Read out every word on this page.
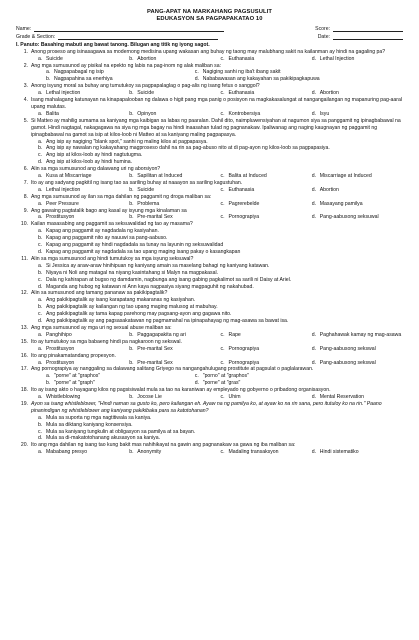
PANG-APAT NA MARKAHANG PAGSUSULIT
EDUKASYON SA PAGPAPAKATAO 10
Name:	Score:
Grade & Section:	Date:
I. Panuto: Basahing mabuti ang bawat tanong. Bilugan ang titik ng iyong sagot.
1. Anong proseso ang isinasagawa sa modernong medisina upang wakasan ang buhay ng taong may malubhang sakit na kailanman ay hindi na gagaling pa?
a. Suicide	b. Abortion	c. Euthanasia	d. Lethal Injection
2. Ang mga sumusunod ay pisikal na epekto ng labis na pag-inom ng alak maliban sa:
a. Nagpapabagal ng isip	c. Nagiging sanhi ng iba't ibang sakit
b. Nagpapahina sa enerhiya	d. Nababawasan ang kakayahan sa pakikipagkapuwa
3. Anong isyung moral sa buhay ang tumutukoy sa pagpapalaglag o pag-alis ng isang fetus o sanggol?
a. Lethal injection	b. Suicide	c. Euthanasia	d. Abortion
4. Isang mahalagang katunayan na kinapapalooban ng dalawa o higit pang mga panig o posisyon na magkakasalungat at nangangailangan ng mapanuring pag-aaral upang malutas.
a. Balita	b. Opinyon	c. Kontrobersiya	d. Isyu
5. Si Matteo ay mahilig sumama sa kaniyang mga kaibigan sa labas ng paaralan. Dahil dito, naimpluwensiyahan at nagumon siya sa panggamit ng ipinagbabawal na gamot. Hindi nagtagal, nakagagawa na siya ng mga bagay na hindi inaasahan tulad ng pagnanakaw. Ipaliwanag ang naging kaugnayan ng paggamit ng ipinagbabawal na gamot sa isip at kilos-loob ni Matteo at sa kaniyang maling pagpapasya.
a. Ang isip ay nagiging "blank spot," sanhi ng maling kilos at pagpapasya.
b. Ang isip ay nawalan ng kakayahang magproseso dahil na rin sa pag-abuso nito at di pag-ayon ng kilos-loob sa pagpapasiya.
c. Ang isip at kilos-loob ay hindi nagtutugma.
d. Ang isip at kilos-loob ay hindi humina.
6. Alin sa mga sumusunod ang dalawang uri ng aborsiyon?
a. Kusa at Miscarriage	b. Sapilitan at Induced	c. Balita at Induced	d. Miscarriage at Induced
7. Ito ay ang sadyang pagkitil ng isang tao sa sariling buhay at naaayon sa sariling kagustuhan.
a. Lethal injection	b. Suicide	c. Euthanasia	d. Abortion
8. Ang mga sumusunod ay ilan sa mga dahilan ng paggamit ng droga maliban sa:
a. Peer Pressure	b. Problema	c. Pagrerebelde	d. Masayang pamilya
9. Ang gawaing pagtatalik bago ang kasal ay isyung mga kinalaman sa
a. Prostitusyon	b. Pre-marital Sex	c. Pornograpiya	d. Pang-aabusong seksuwal
10. Kailan masasabing ang paggamit sa seksuwalidad ng tao ay masama?
a. Kapag ang paggamit ay nagdadala ng kasiyahan.
b. Kapag ang paggamit nito ay nauuwi sa pang-aabuso.
c. Kapag ang paggamit ay hindi nagdadala sa tunay na layunin ng seksuwalidad
d. Kapag ang paggamit ay nagdadala sa tao upang maging isang pakay o kasangkapan
11. Alin sa mga sumusunod ang hindi tumutukoy sa mga isyung seksuwal?
a. Si Jessica ay araw-araw hinihipuan ng kaniyang amain sa maselang bahagi ng kaniyang katawan.
b. Niyaya ni Noli ang matagal na niyang kasintahang si Malyn na magpakasal.
c. Dala ng kahirapan at bugso ng damdamin, nagbunga ang isang gabing pagkalimot sa sarili ni Daisy at Ariel.
d. Maganda ang hubog ng katawan ni Ann kaya nagpasiya siyang magpaguhit ng nakahubad.
12. Alin sa sumusunod ang tamang pananaw sa pakikipagtalik?
a. Ang pakikipagtalik ay isang karapatang makaranas ng kasiyahan.
b. Ang pakikipagtalik ay kailangan ng tao upang maging malusog at mabuhay.
c. Ang pakikipagtalik ay tama kapag parehong may pagsang-ayon ang gagawa nito.
d. Ang pakikipagtalik ay ang pagsasakatawan ng pagmamahal na ipinapahayag ng mag-asawa sa bawat isa.
13. Ang mga sumusunod ay mga uri ng sexual abuse maliban sa:
a. Panghihipo	b. Paggagapakita ng ari	c. Rape	d. Paghahawak kamay ng mag-asawa
15. Ito ay tumutukoy sa mga babaeng hindi pa nagkaroon ng sekswal.
a. Prostitusyon	b. Pre-marital Sex	c. Pornograpiya	d. Pang-aabusong sekswal
16. Ito ang pinakamatandang propesyon.
a. Prostitusyon	b. Pre-marital Sex	c. Pornograpiya	d. Pang-aabusong sekswal
17. Ang pornograpiya ay nanggaling sa dalawang salitang Griyego na nangangahulugang prostitute at pagsulat o paglalarawan.
a. "porne" at "graphos"	c. "porno" at "graphos"
b. "porne" at "graph"	d. "porne" at "gras"
18. Ito ay isang akto o hayagang kilos ng pagsisiwalat mula sa tao na karaniwan ay empleyado ng gobyerno o pribadong organisasyon.
a. Whistleblowing	b. Jocose Lie	c. Uhim	d. Mental Reservation
19. Ayon sa isang whistleblower, "Hindi naman sa gusto ko, pero kailangan eh. Ayaw na ng pamilya ko, at ayaw ko na rin sana, pero itutuloy ko na rin." Paano pinanindigan ng whistleblower ang kaniyang pakikibaka para sa katotohanan?
a. Mula sa suporta ng mga nagtitiwala sa kaniya.
b. Mula sa diktang kaniyang konsensiya.
c. Mula sa kaniyang tungkulin at obligasyon sa pamilya at sa bayan.
d. Mula sa di-makatotohanang akusasyon sa kaniya.
20. Ito ang mga dahilan ng isang tao kung bakit mas nahihikayat na gawin ang pagnanakaw sa gawa ng iba maliban sa:
a. Mababang presyo	b. Anonymity	c. Madaling transaksyon	d. Hindi sistematiko
